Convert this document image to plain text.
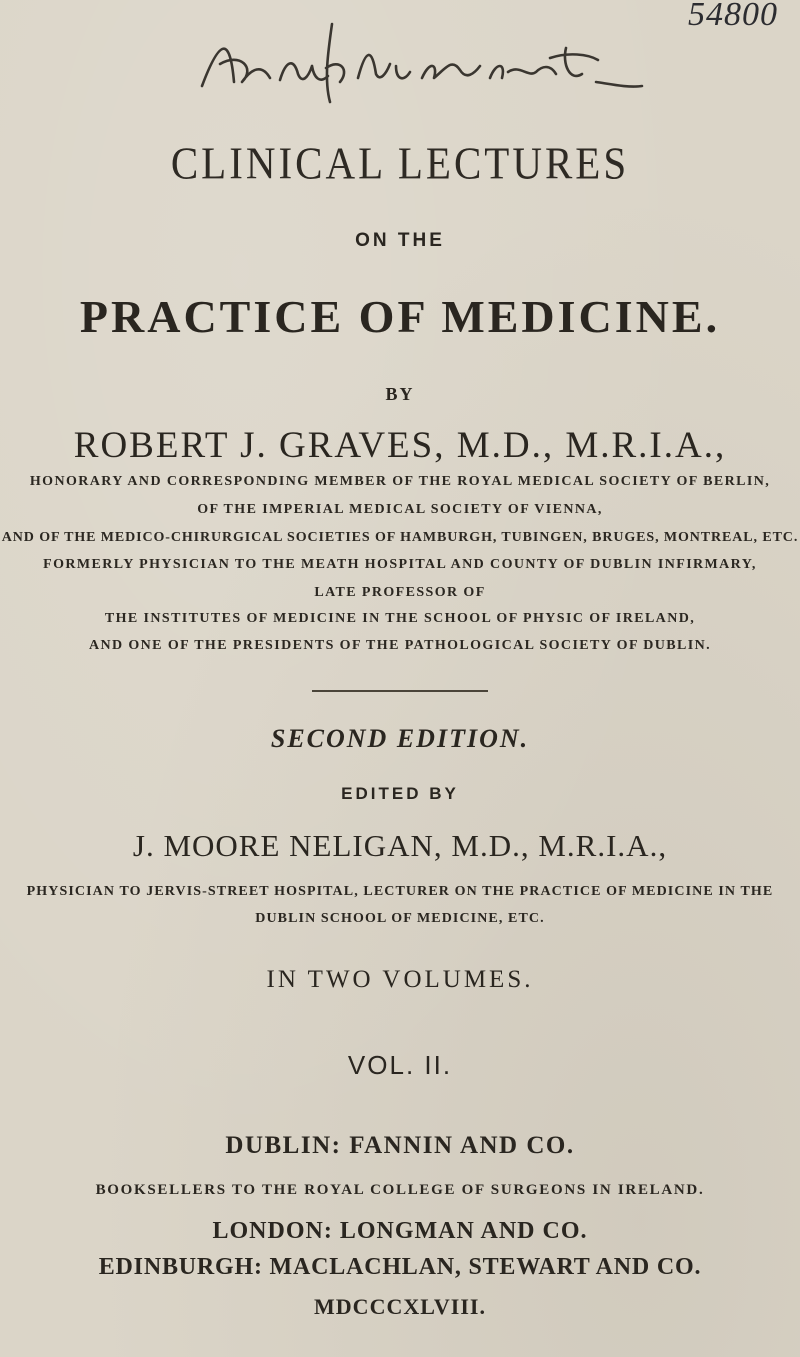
54800
CLINICAL LECTURES
ON THE
PRACTICE OF MEDICINE.
BY
ROBERT J. GRAVES, M.D., M.R.I.A.,
HONORARY AND CORRESPONDING MEMBER OF THE ROYAL MEDICAL SOCIETY OF BERLIN,
OF THE IMPERIAL MEDICAL SOCIETY OF VIENNA,
AND OF THE MEDICO-CHIRURGICAL SOCIETIES OF HAMBURGH, TUBINGEN, BRUGES, MONTREAL, ETC.
FORMERLY PHYSICIAN TO THE MEATH HOSPITAL AND COUNTY OF DUBLIN INFIRMARY,
LATE PROFESSOR OF
THE INSTITUTES OF MEDICINE IN THE SCHOOL OF PHYSIC OF IRELAND,
AND ONE OF THE PRESIDENTS OF THE PATHOLOGICAL SOCIETY OF DUBLIN.
SECOND EDITION.
EDITED BY
J. MOORE NELIGAN, M.D., M.R.I.A.,
PHYSICIAN TO JERVIS-STREET HOSPITAL, LECTURER ON THE PRACTICE OF MEDICINE IN THE
DUBLIN SCHOOL OF MEDICINE, ETC.
IN TWO VOLUMES.
VOL. II.
DUBLIN: FANNIN AND CO.
BOOKSELLERS TO THE ROYAL COLLEGE OF SURGEONS IN IRELAND.
LONDON: LONGMAN AND CO.
EDINBURGH: MACLACHLAN, STEWART AND CO.
MDCCCXLVIII.
